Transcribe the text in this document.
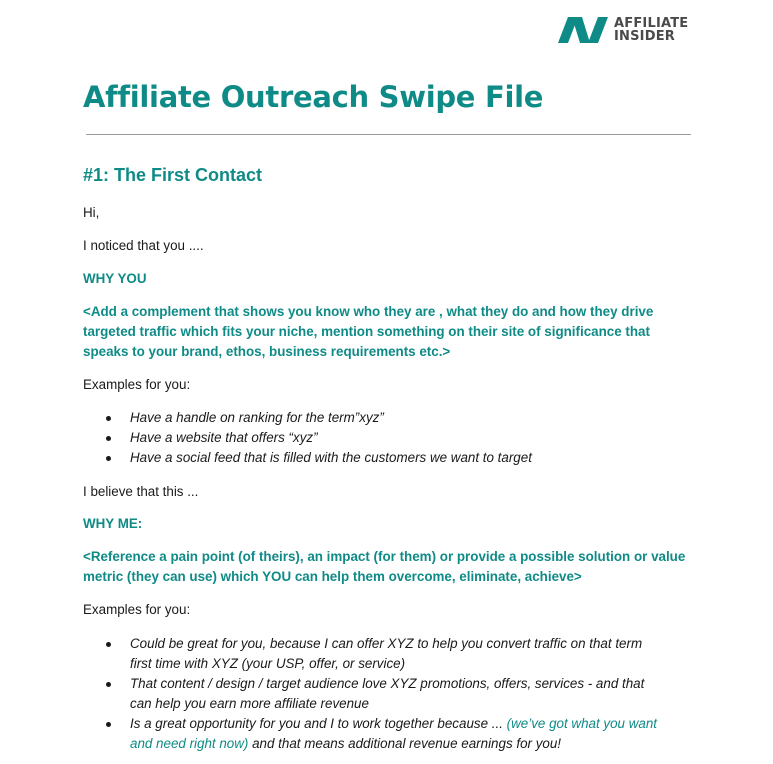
AFFILIATE
INSIDER
Affiliate Outreach Swipe File
#1: The First Contact

Hi,

I noticed that you ....

WHY YOU

<Add a complement that shows you know who they are , what they do and how they drive

targeted traffic which fits your niche, mention something on their site of significance that

speaks to your brand, ethos, business requirements etc.>

Examples for you:

Have a handle on ranking for the term”xyz”
Have a website that offers “xyz”
Have a social feed that is filled with the customers we want to target

I believe that this ...

WHY ME:

<Reference a pain point (of theirs), an impact (for them) or provide a possible solution or value

metric (they can use) which YOU can help them overcome, eliminate, achieve>

Examples for you:

Could be great for you, because I can offer XYZ to help you convert traffic on that term
first time with XYZ (your USP, offer, or service)
That content / design / target audience love XYZ promotions, offers, services - and that
can help you earn more affiliate revenue
Is a great opportunity for you and I to work together because ... (we’ve got what you want
and need right now) and that means additional revenue earnings for you!
